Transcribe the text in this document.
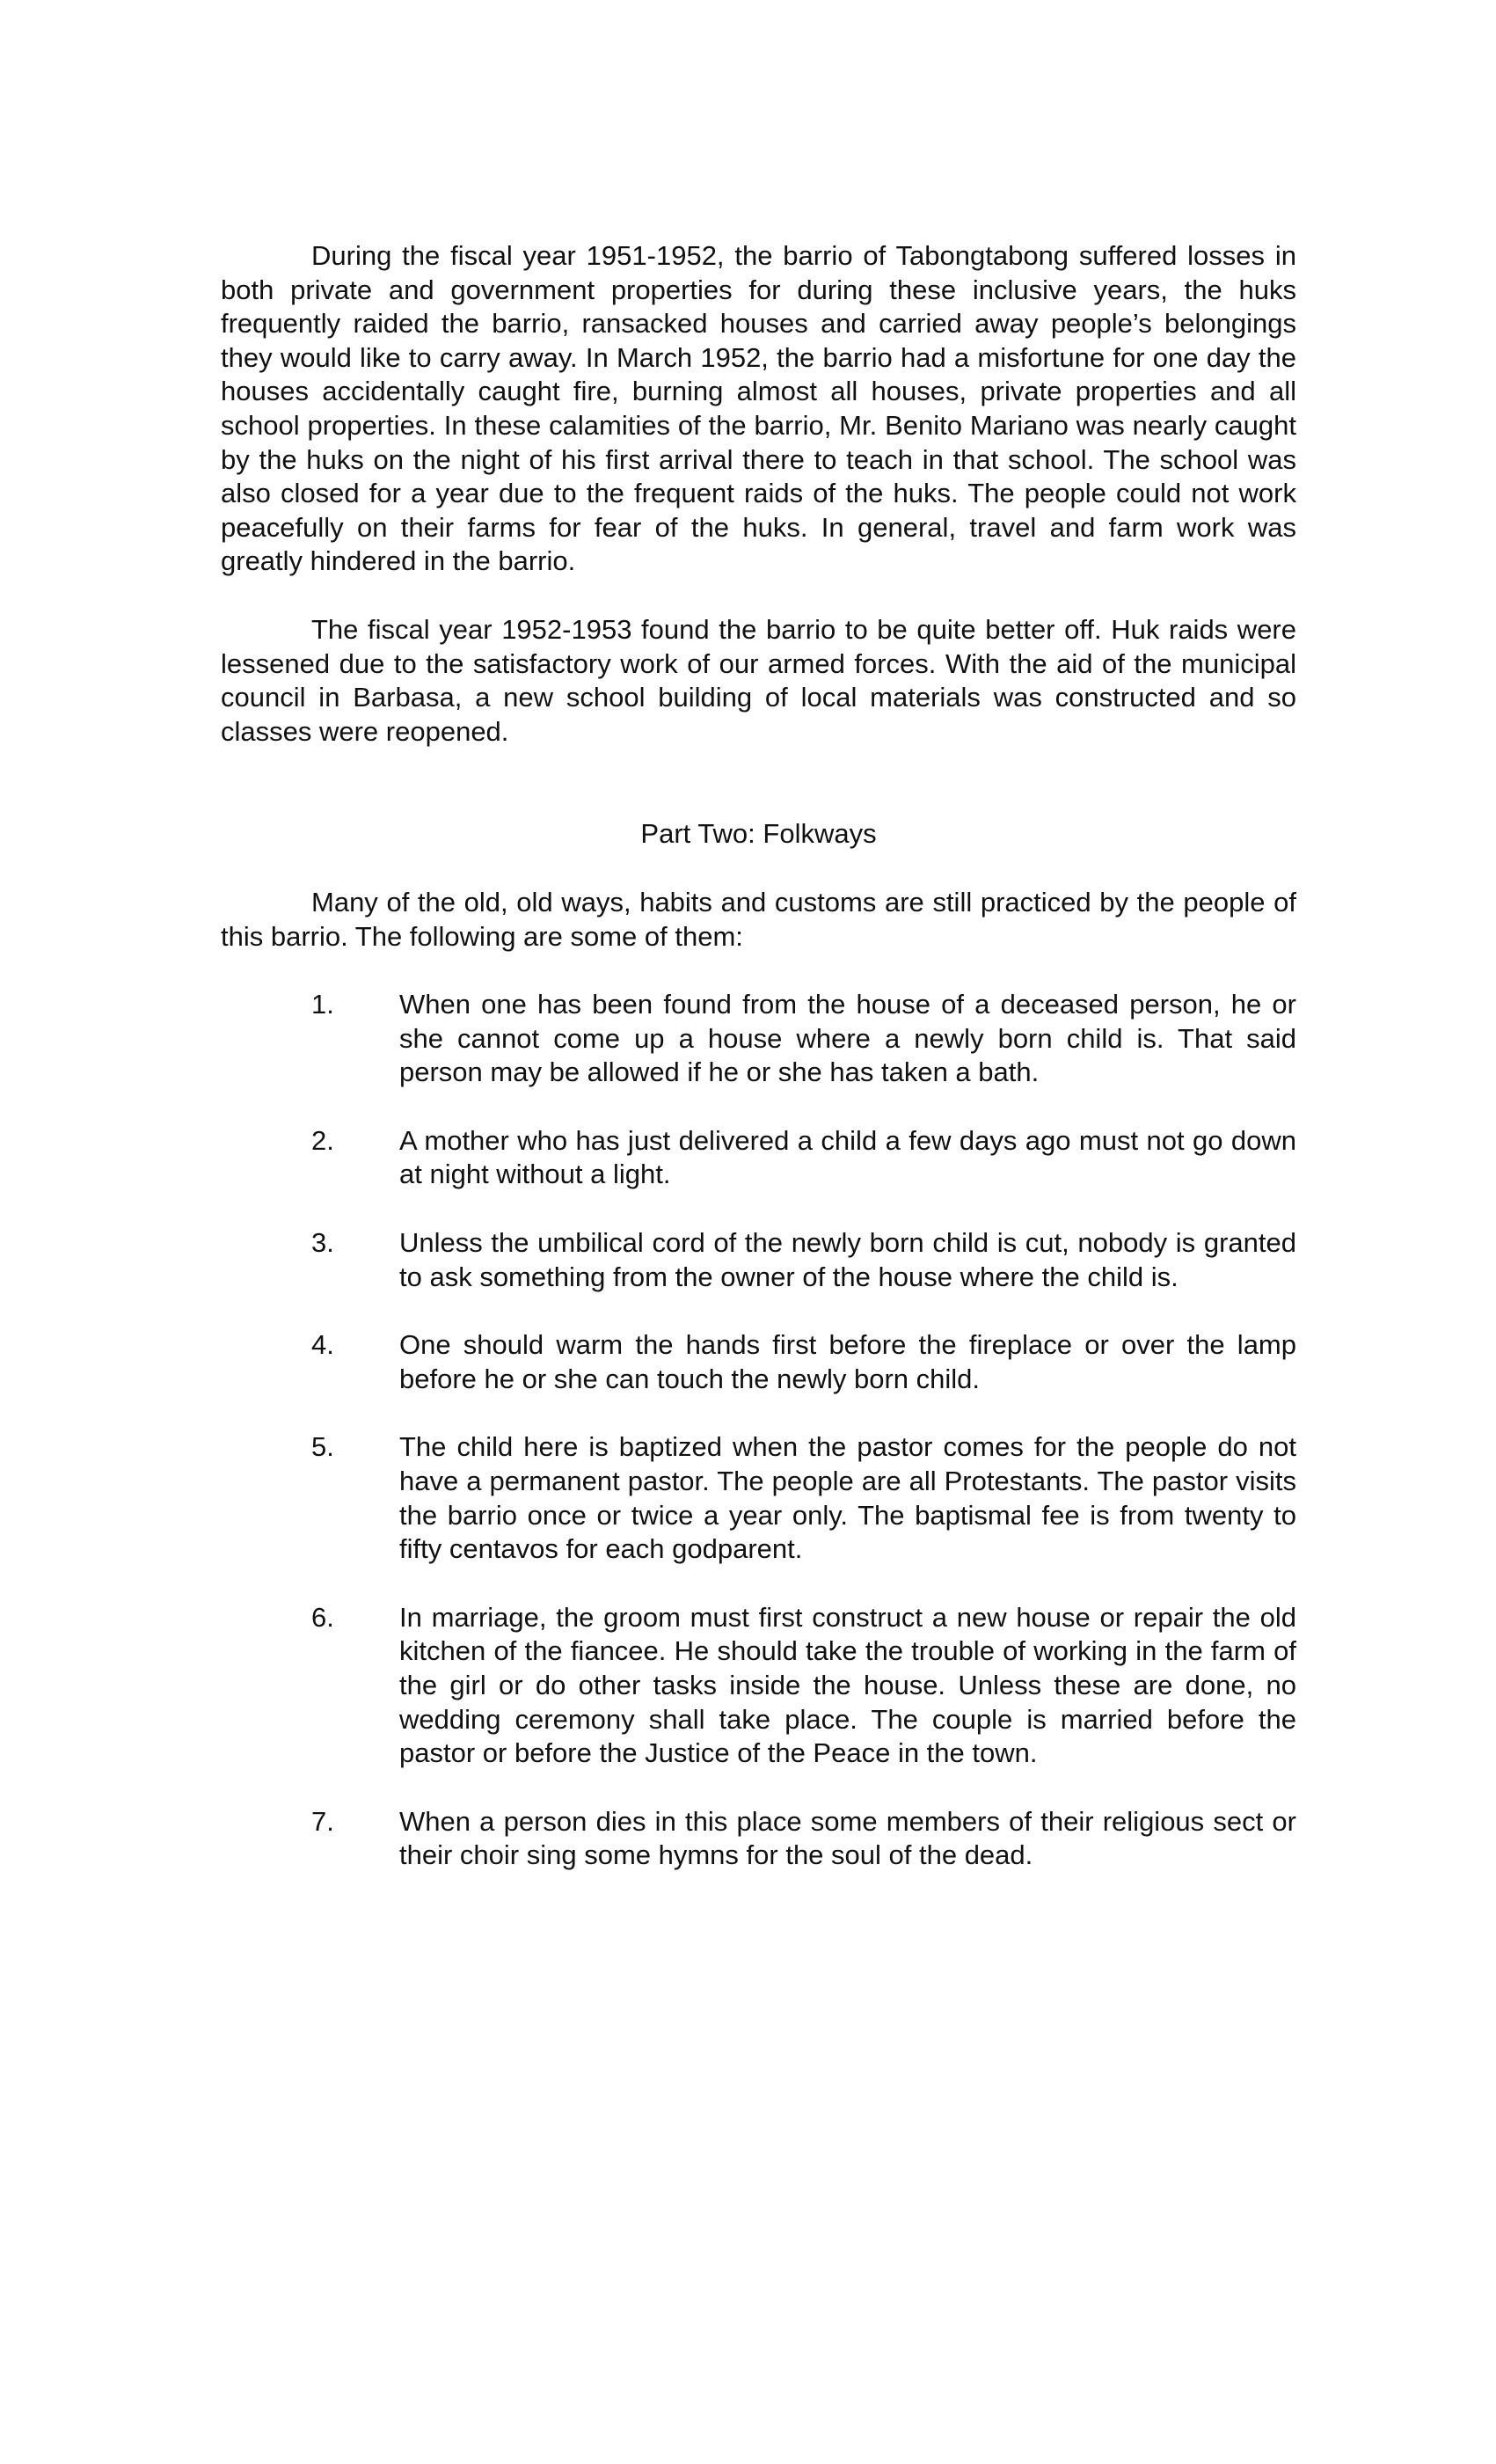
During the fiscal year 1951-1952, the barrio of Tabongtabong suffered losses in both private and government properties for during these inclusive years, the huks frequently raided the barrio, ransacked houses and carried away people’s belongings they would like to carry away. In March 1952, the barrio had a misfortune for one day the houses accidentally caught fire, burning almost all houses, private properties and all school properties. In these calamities of the barrio, Mr. Benito Mariano was nearly caught by the huks on the night of his first arrival there to teach in that school. The school was also closed for a year due to the frequent raids of the huks. The people could not work peacefully on their farms for fear of the huks. In general, travel and farm work was greatly hindered in the barrio.

The fiscal year 1952-1953 found the barrio to be quite better off. Huk raids were lessened due to the satisfactory work of our armed forces. With the aid of the municipal council in Barbasa, a new school building of local materials was constructed and so classes were reopened.

Part Two: Folkways

Many of the old, old ways, habits and customs are still practiced by the people of this barrio. The following are some of them:

1.	When one has been found from the house of a deceased person, he or she cannot come up a house where a newly born child is. That said person may be allowed if he or she has taken a bath.
2.	A mother who has just delivered a child a few days ago must not go down at night without a light.
3.	Unless the umbilical cord of the newly born child is cut, nobody is granted to ask something from the owner of the house where the child is.
4.	One should warm the hands first before the fireplace or over the lamp before he or she can touch the newly born child.
5.	The child here is baptized when the pastor comes for the people do not have a permanent pastor. The people are all Protestants. The pastor visits the barrio once or twice a year only. The baptismal fee is from twenty to fifty centavos for each godparent.
6.	In marriage, the groom must first construct a new house or repair the old kitchen of the fiancee. He should take the trouble of working in the farm of the girl or do other tasks inside the house. Unless these are done, no wedding ceremony shall take place. The couple is married before the pastor or before the Justice of the Peace in the town.
7.	When a person dies in this place some members of their religious sect or their choir sing some hymns for the soul of the dead.
